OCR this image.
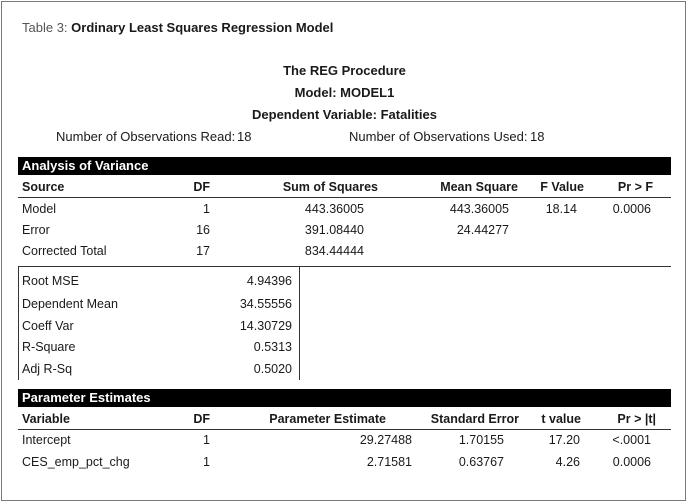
Table 3: Ordinary Least Squares Regression Model
The REG Procedure
Model: MODEL1
Dependent Variable: Fatalities
Number of Observations Read: 18	Number of Observations Used: 18
Analysis of Variance
Source	DF	Sum of Squares	Mean Square	F Value	Pr > F
Model	1	443.36005	443.36005	18.14	0.0006
Error	16	391.08440	24.44277
Corrected Total	17	834.44444
Root MSE	4.94396
Dependent Mean	34.55556
Coeff Var	14.30729
R-Square	0.5313
Adj R-Sq	0.5020
Parameter Estimates
Variable	DF	Parameter Estimate	Standard Error	t value	Pr > |t|
Intercept	1	29.27488	1.70155	17.20	<.0001
CES_emp_pct_chg	1	2.71581	0.63767	4.26	0.0006
